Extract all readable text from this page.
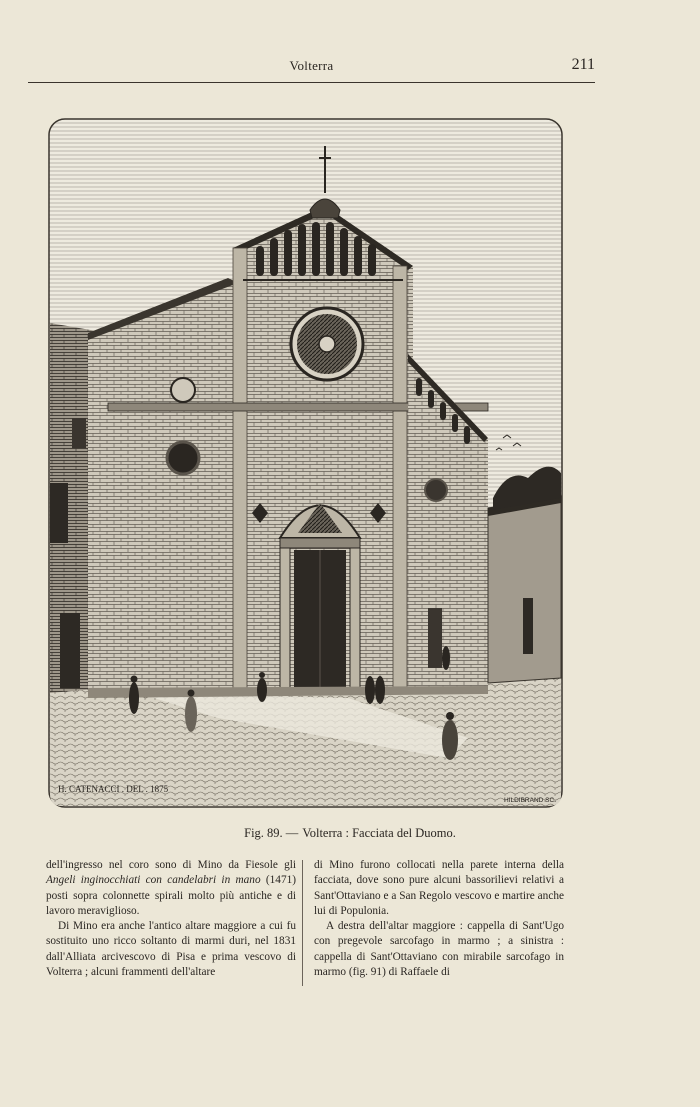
Volterra	211
H. CATENACCI . DEL . 1875
HILDIBRAND SC.
Fig. 89. — Volterra : Facciata del Duomo.

dell'ingresso nel coro sono di Mino da Fiesole gli Angeli inginocchiati con candelabri in mano (1471) posti sopra colonnette spirali molto più antiche e di lavoro meraviglioso.

Di Mino era anche l'antico altare maggiore a cui fu sostituito uno ricco soltanto di marmi duri, nel 1831 dall'Alliata arcivescovo di Pisa e prima vescovo di Volterra ; alcuni frammenti dell'altare

di Mino furono collocati nella parete interna della facciata, dove sono pure alcuni bassorilievi relativi a Sant'Ottaviano e a San Regolo vescovo e martire anche lui di Populonia.

A destra dell'altar maggiore : cappella di Sant'Ugo con pregevole sarcofago in marmo ; a sinistra : cappella di Sant'Ottaviano con mirabile sarcofago in marmo (fig. 91) di Raffaele di
